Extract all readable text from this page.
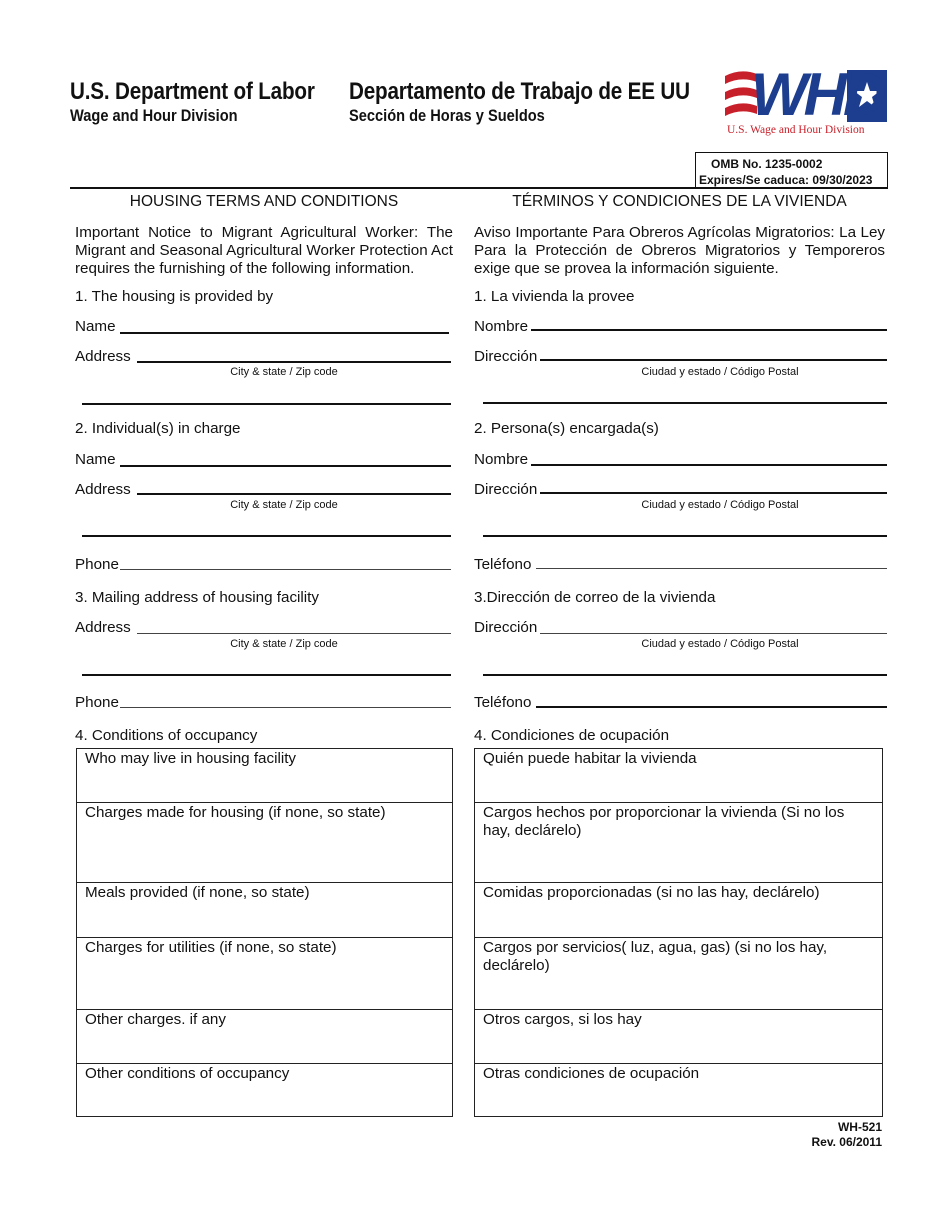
U.S. Department of Labor
Wage and Hour Division
Departamento de Trabajo de EE UU
Sección de Horas y Sueldos	WHD
U.S. Wage and Hour Division
OMB No. 1235-0002
Expires/Se caduca: 09/30/2023
HOUSING TERMS AND CONDITIONS
Important Notice to Migrant Agricultural Worker: The Migrant and Seasonal Agricultural Worker Protection Act requires the furnishing of the following information.
1. The housing is provided by
Name
Address
City & state / Zip code
2. Individual(s) in charge
Name
Address
City & state / Zip code
Phone
3. Mailing address of housing facility
Address
City & state / Zip code
Phone
4. Conditions of occupancy
Who may live in housing facility
Charges made for housing (if none, so state)
Meals provided (if none, so state)
Charges for utilities (if none, so state)
Other charges. if any
Other conditions of occupancy
TÉRMINOS Y CONDICIONES DE LA VIVIENDA
Aviso Importante Para Obreros Agrícolas Migratorios: La Ley Para la Protección de Obreros Migratorios y Temporeros exige que se provea la información siguiente.
1. La vivienda la provee
Nombre
Dirección
Ciudad y estado / Código Postal
2. Persona(s) encargada(s)
Nombre
Dirección
Ciudad y estado / Código Postal
Teléfono
3.Dirección de correo de la vivienda
Dirección
Ciudad y estado / Código Postal
Teléfono
4. Condiciones de ocupación
Quién puede habitar la vivienda
Cargos hechos por proporcionar la vivienda (Si no los hay, declárelo)
Comidas proporcionadas (si no las hay, declárelo)
Cargos por servicios( luz, agua, gas) (si no los hay, declárelo)
Otros cargos, si los hay
Otras condiciones de ocupación
WH-521
Rev. 06/2011
